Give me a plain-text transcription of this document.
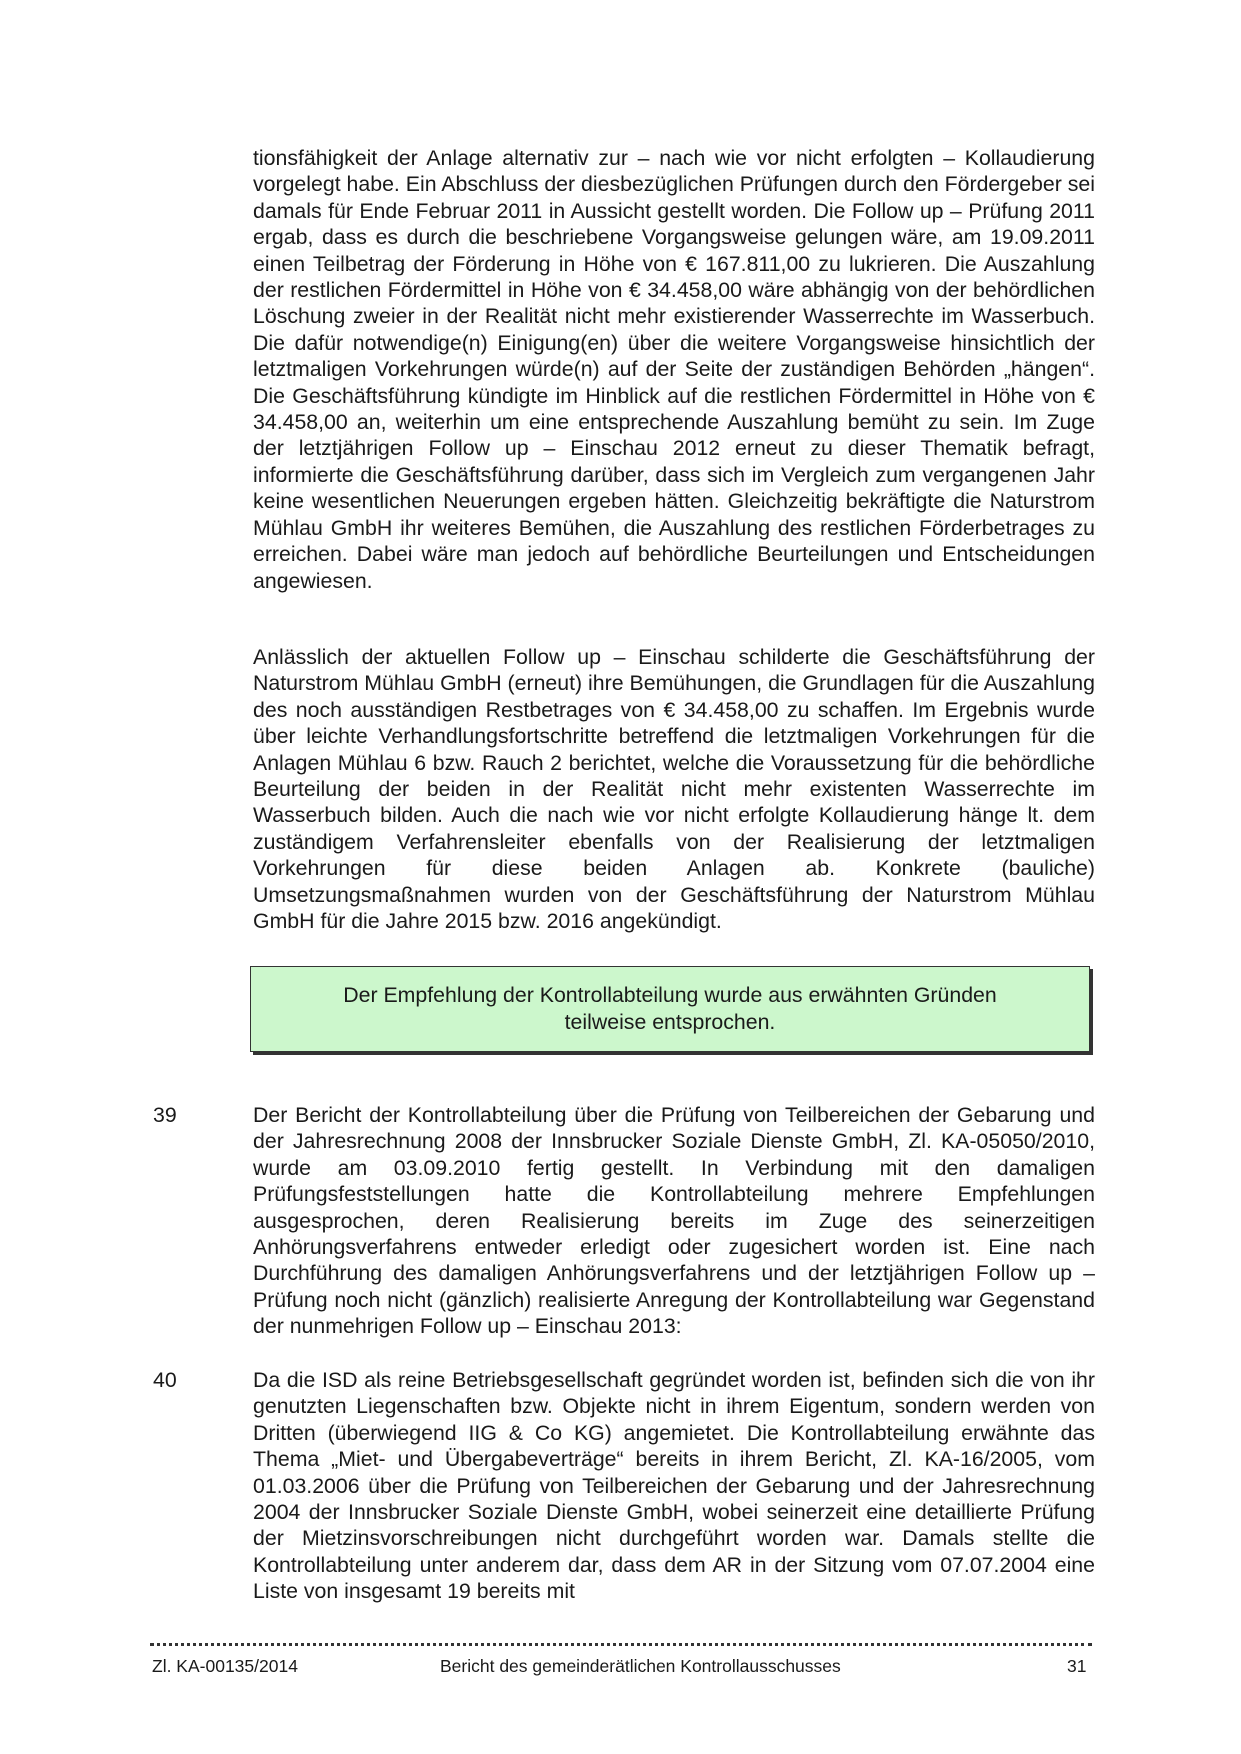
tionsfähigkeit der Anlage alternativ zur – nach wie vor nicht erfolgten – Kollaudierung vorgelegt habe. Ein Abschluss der diesbezüglichen Prüfungen durch den Fördergeber sei damals für Ende Februar 2011 in Aussicht gestellt worden. Die Follow up – Prüfung 2011 ergab, dass es durch die beschriebene Vorgangsweise gelungen wäre, am 19.09.2011 einen Teilbetrag der Förderung in Höhe von € 167.811,00 zu lukrieren. Die Auszahlung der restlichen Fördermittel in Höhe von € 34.458,00 wäre abhängig von der behördlichen Löschung zweier in der Realität nicht mehr existierender Wasserrechte im Wasserbuch. Die dafür notwendige(n) Einigung(en) über die weitere Vorgangsweise hinsichtlich der letztmaligen Vorkehrungen würde(n) auf der Seite der zuständigen Behörden „hängen“. Die Geschäftsführung kündigte im Hinblick auf die restlichen Fördermittel in Höhe von € 34.458,00 an, weiterhin um eine entsprechende Auszahlung bemüht zu sein. Im Zuge der letztjährigen Follow up – Einschau 2012 erneut zu dieser Thematik befragt, informierte die Geschäftsführung darüber, dass sich im Vergleich zum vergangenen Jahr keine wesentlichen Neuerungen ergeben hätten. Gleichzeitig bekräftigte die Naturstrom Mühlau GmbH ihr weiteres Bemühen, die Auszahlung des restlichen Förderbetrages zu erreichen. Dabei wäre man jedoch auf behördliche Beurteilungen und Entscheidungen angewiesen.

Anlässlich der aktuellen Follow up – Einschau schilderte die Geschäftsführung der Naturstrom Mühlau GmbH (erneut) ihre Bemühungen, die Grundlagen für die Auszahlung des noch ausständigen Restbetrages von € 34.458,00 zu schaffen. Im Ergebnis wurde über leichte Verhandlungsfortschritte betreffend die letztmaligen Vorkehrungen für die Anlagen Mühlau 6 bzw. Rauch 2 berichtet, welche die Voraussetzung für die behördliche Beurteilung der beiden in der Realität nicht mehr existenten Wasserrechte im Wasserbuch bilden. Auch die nach wie vor nicht erfolgte Kollaudierung hänge lt. dem zuständigem Verfahrensleiter ebenfalls von der Realisierung der letztmaligen Vorkehrungen für diese beiden Anlagen ab. Konkrete (bauliche) Umsetzungsmaßnahmen wurden von der Geschäftsführung der Naturstrom Mühlau GmbH für die Jahre 2015 bzw. 2016 angekündigt.

Der Empfehlung der Kontrollabteilung wurde aus erwähnten Gründen teilweise entsprochen.

39	Der Bericht der Kontrollabteilung über die Prüfung von Teilbereichen der Gebarung und der Jahresrechnung 2008 der Innsbrucker Soziale Dienste GmbH, Zl. KA-05050/2010, wurde am 03.09.2010 fertig gestellt. In Verbindung mit den damaligen Prüfungsfeststellungen hatte die Kontrollabteilung mehrere Empfehlungen ausgesprochen, deren Realisierung bereits im Zuge des seinerzeitigen Anhörungsverfahrens entweder erledigt oder zugesichert worden ist. Eine nach Durchführung des damaligen Anhörungsverfahrens und der letztjährigen Follow up – Prüfung noch nicht (gänzlich) realisierte Anregung der Kontrollabteilung war Gegenstand der nunmehrigen Follow up – Einschau 2013:

40	Da die ISD als reine Betriebsgesellschaft gegründet worden ist, befinden sich die von ihr genutzten Liegenschaften bzw. Objekte nicht in ihrem Eigentum, sondern werden von Dritten (überwiegend IIG & Co KG) angemietet. Die Kontrollabteilung erwähnte das Thema „Miet- und Übergabeverträge“ bereits in ihrem Bericht, Zl. KA-16/2005, vom 01.03.2006 über die Prüfung von Teilbereichen der Gebarung und der Jahresrechnung 2004 der Innsbrucker Soziale Dienste GmbH, wobei seinerzeit eine detaillierte Prüfung der Mietzinsvorschreibungen nicht durchgeführt worden war. Damals stellte die Kontrollabteilung unter anderem dar, dass dem AR in der Sitzung vom 07.07.2004 eine Liste von insgesamt 19 bereits mit

Zl. KA-00135/2014	Bericht des gemeinderätlichen Kontrollausschusses	31
